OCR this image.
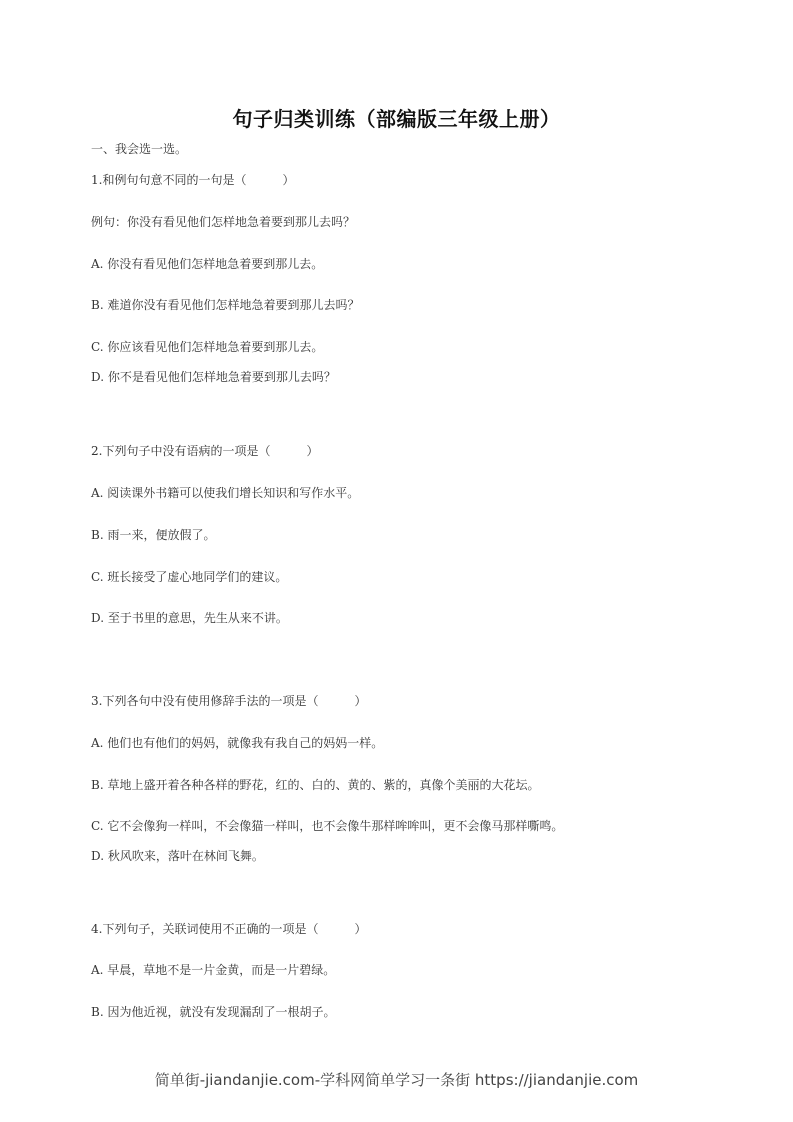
句子归类训练（部编版三年级上册）
一、我会选一选。
1.和例句句意不同的一句是（　　　）
例句：你没有看见他们怎样地急着要到那儿去吗？
A. 你没有看见他们怎样地急着要到那儿去。
B. 难道你没有看见他们怎样地急着要到那儿去吗？
C. 你应该看见他们怎样地急着要到那儿去。
D. 你不是看见他们怎样地急着要到那儿去吗？
2.下列句子中没有语病的一项是（　　　）
A. 阅读课外书籍可以使我们增长知识和写作水平。
B. 雨一来，便放假了。
C. 班长接受了虚心地同学们的建议。
D. 至于书里的意思，先生从来不讲。
3.下列各句中没有使用修辞手法的一项是（　　　）
A. 他们也有他们的妈妈，就像我有我自己的妈妈一样。
B. 草地上盛开着各种各样的野花，红的、白的、黄的、紫的，真像个美丽的大花坛。
C. 它不会像狗一样叫，不会像猫一样叫，也不会像牛那样哞哞叫，更不会像马那样嘶鸣。
D. 秋风吹来，落叶在林间飞舞。
4.下列句子，关联词使用不正确的一项是（　　　）
A. 早晨，草地不是一片金黄，而是一片碧绿。
B. 因为他近视，就没有发现漏刮了一根胡子。
简单街-jiandanjie.com-学科网简单学习一条街 https://jiandanjie.com
